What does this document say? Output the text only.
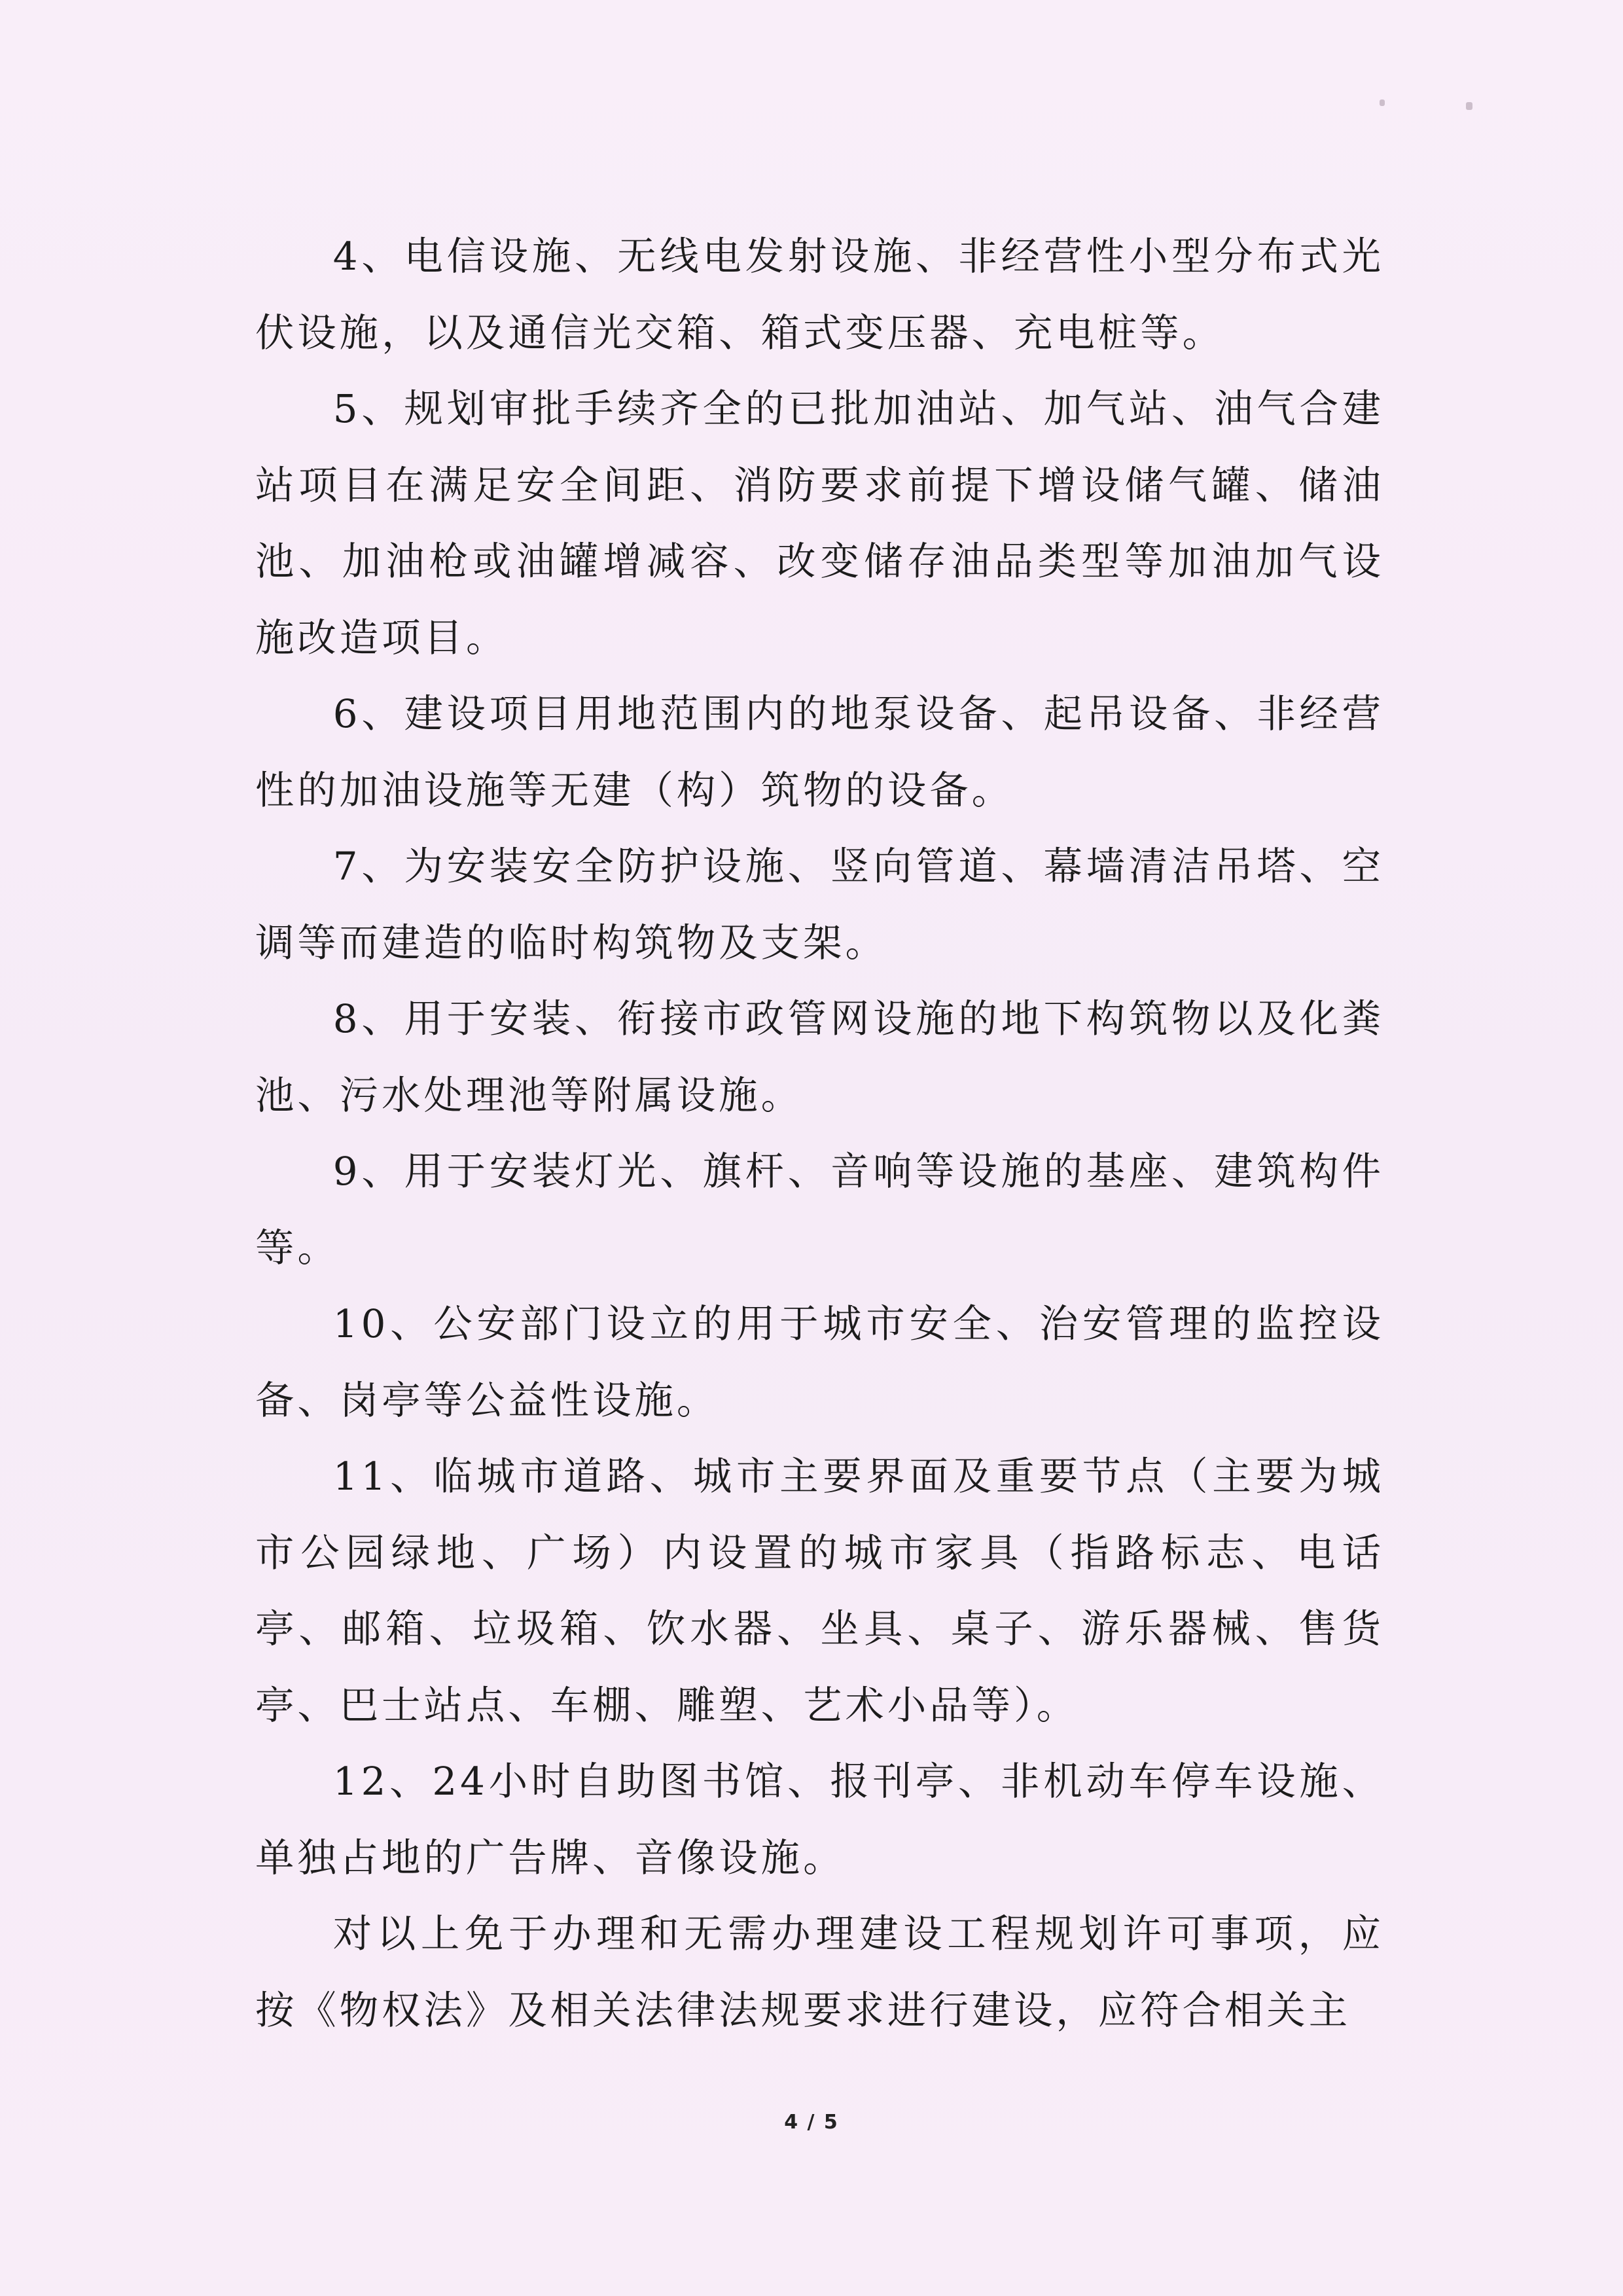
4、电信设施、无线电发射设施、非经营性小型分布式光伏设施，以及通信光交箱、箱式变压器、充电桩等。

5、规划审批手续齐全的已批加油站、加气站、油气合建站项目在满足安全间距、消防要求前提下增设储气罐、储油池、加油枪或油罐增减容、改变储存油品类型等加油加气设施改造项目。

6、建设项目用地范围内的地泵设备、起吊设备、非经营性的加油设施等无建（构）筑物的设备。

7、为安装安全防护设施、竖向管道、幕墙清洁吊塔、空调等而建造的临时构筑物及支架。

8、用于安装、衔接市政管网设施的地下构筑物以及化粪池、污水处理池等附属设施。

9、用于安装灯光、旗杆、音响等设施的基座、建筑构件等。

10、公安部门设立的用于城市安全、治安管理的监控设备、岗亭等公益性设施。

11、临城市道路、城市主要界面及重要节点（主要为城市公园绿地、广场）内设置的城市家具（指路标志、电话亭、邮箱、垃圾箱、饮水器、坐具、桌子、游乐器械、售货亭、巴士站点、车棚、雕塑、艺术小品等）。

12、24小时自助图书馆、报刊亭、非机动车停车设施、单独占地的广告牌、音像设施。

对以上免于办理和无需办理建设工程规划许可事项，应按《物权法》及相关法律法规要求进行建设，应符合相关主

4 / 5
